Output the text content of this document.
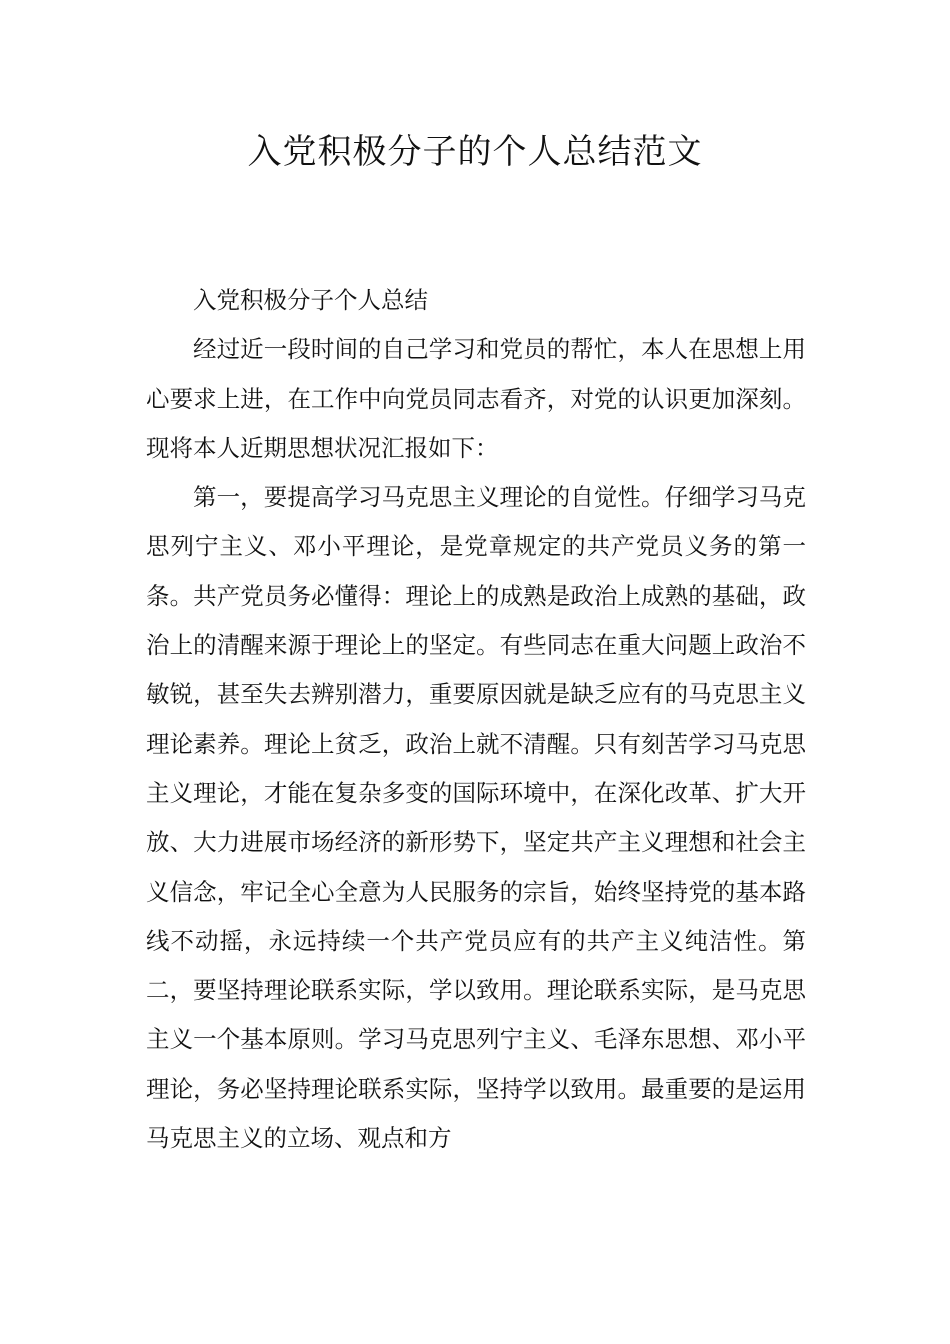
入党积极分子的个人总结范文

入党积极分子个人总结

经过近一段时间的自己学习和党员的帮忙，本人在思想上用心要求上进，在工作中向党员同志看齐，对党的认识更加深刻。现将本人近期思想状况汇报如下：

第一，要提高学习马克思主义理论的自觉性。仔细学习马克思列宁主义、邓小平理论，是党章规定的共产党员义务的第一条。共产党员务必懂得：理论上的成熟是政治上成熟的基础，政治上的清醒来源于理论上的坚定。有些同志在重大问题上政治不敏锐，甚至失去辨别潜力，重要原因就是缺乏应有的马克思主义理论素养。理论上贫乏，政治上就不清醒。只有刻苦学习马克思主义理论，才能在复杂多变的国际环境中，在深化改革、扩大开放、大力进展市场经济的新形势下，坚定共产主义理想和社会主义信念，牢记全心全意为人民服务的宗旨，始终坚持党的基本路线不动摇，永远持续一个共产党员应有的共产主义纯洁性。第二，要坚持理论联系实际，学以致用。理论联系实际，是马克思主义一个基本原则。学习马克思列宁主义、毛泽东思想、邓小平理论，务必坚持理论联系实际，坚持学以致用。最重要的是运用马克思主义的立场、观点和方
